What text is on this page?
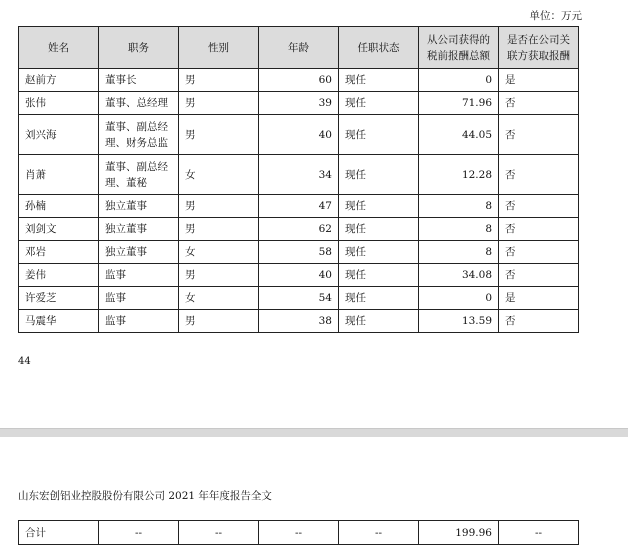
单位：万元
姓名	职务	性别	年龄	任职状态	从公司获得的税前报酬总额	是否在公司关联方获取报酬
赵前方	董事长	男	60	现任	0	是
张伟	董事、总经理	男	39	现任	71.96	否
刘兴海	董事、副总经理、财务总监	男	40	现任	44.05	否
肖萧	董事、副总经理、董秘	女	34	现任	12.28	否
孙楠	独立董事	男	47	现任	8	否
刘剑文	独立董事	男	62	现任	8	否
邓岩	独立董事	女	58	现任	8	否
姜伟	监事	男	40	现任	34.08	否
许爱芝	监事	女	54	现任	0	是
马震华	监事	男	38	现任	13.59	否
44
山东宏创铝业控股股份有限公司 2021 年年度报告全文
合计	--	--	--	--	199.96	--
